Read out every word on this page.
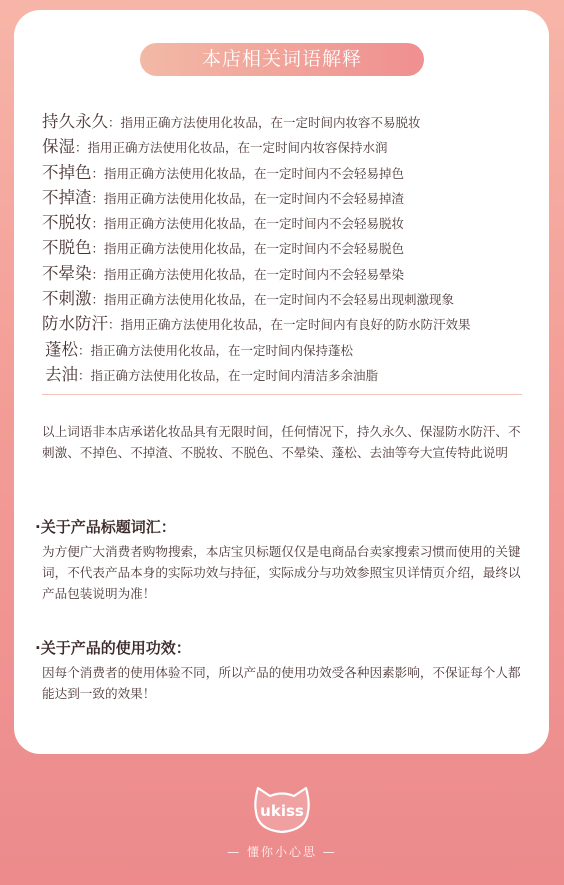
本店相关词语解释
持久永久 ： 指用正确方法使用化妆品，在一定时间内妆容不易脱妆
保湿 ： 指用正确方法使用化妆品，在一定时间内妆容保持水润
不掉色 ： 指用正确方法使用化妆品，在一定时间内不会轻易掉色
不掉渣 ： 指用正确方法使用化妆品，在一定时间内不会轻易掉渣
不脱妆 ： 指用正确方法使用化妆品，在一定时间内不会轻易脱妆
不脱色 ： 指用正确方法使用化妆品，在一定时间内不会轻易脱色
不晕染 ： 指用正确方法使用化妆品，在一定时间内不会轻易晕染
不刺激 ： 指用正确方法使用化妆品，在一定时间内不会轻易出现刺激现象
防水防汗 ： 指用正确方法使用化妆品，在一定时间内有良好的防水防汗效果
蓬松 ： 指正确方法使用化妆品，在一定时间内保持蓬松
去油 ： 指正确方法使用化妆品，在一定时间内清洁多余油脂

以上词语非本店承诺化妆品具有无限时间，任何情况下，持久永久、保湿防水防汗、不刺激、不掉色、不掉渣、不脱妆、不脱色、不晕染、蓬松、去油等夸大宣传特此说明

·关于产品标题词汇：

为方便广大消费者购物搜索，本店宝贝标题仅仅是电商品台卖家搜索习惯而使用的关键词，不代表产品本身的实际功效与持征，实际成分与功效参照宝贝详情页介绍，最终以产品包装说明为准！

·关于产品的使用功效：

因每个消费者的使用体验不同，所以产品的使用功效受各种因素影响，不保证每个人都能达到一致的效果！

ukiss
— 懂你小心思 —
